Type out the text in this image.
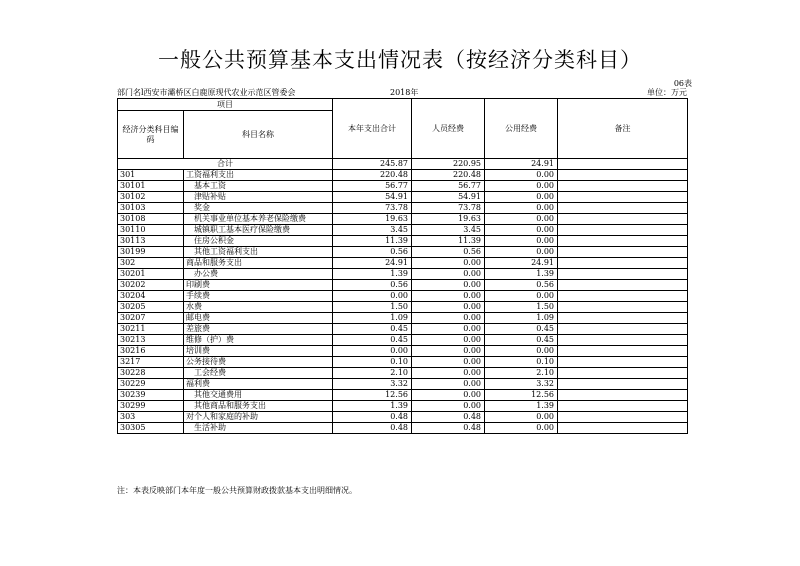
一般公共预算基本支出情况表（按经济分类科目）
06表
部门名l西安市灞桥区白鹿原现代农业示范区管委会	2018年	单位：万元
项目		本年支出合计	人员经费	公用经费	备注
经济分类科目编码	科目名称				
合计		245.87	220.95	24.91	
301	工资福利支出	220.48	220.48	0.00	
30101	基本工资	56.77	56.77	0.00	
30102	津贴补贴	54.91	54.91	0.00	
30103	奖金	73.78	73.78	0.00	
30108	机关事业单位基本养老保险缴费	19.63	19.63	0.00	
30110	城镇职工基本医疗保险缴费	3.45	3.45	0.00	
30113	住房公积金	11.39	11.39	0.00	
30199	其他工资福利支出	0.56	0.56	0.00	
302	商品和服务支出	24.91	0.00	24.91	
30201	办公费	1.39	0.00	1.39	
30202	印刷费	0.56	0.00	0.56	
30204	手续费	0.00	0.00	0.00	
30205	水费	1.50	0.00	1.50	
30207	邮电费	1.09	0.00	1.09	
30211	差旅费	0.45	0.00	0.45	
30213	维修（护）费	0.45	0.00	0.45	
30216	培训费	0.00	0.00	0.00	
3217	公务接待费	0.10	0.00	0.10	
30228	工会经费	2.10	0.00	2.10	
30229	福利费	3.32	0.00	3.32	
30239	其他交通费用	12.56	0.00	12.56	
30299	其他商品和服务支出	1.39	0.00	1.39	
303	对个人和家庭的补助	0.48	0.48	0.00	
30305	生活补助	0.48	0.48	0.00	
注：本表反映部门本年度一般公共预算财政拨款基本支出明细情况。
